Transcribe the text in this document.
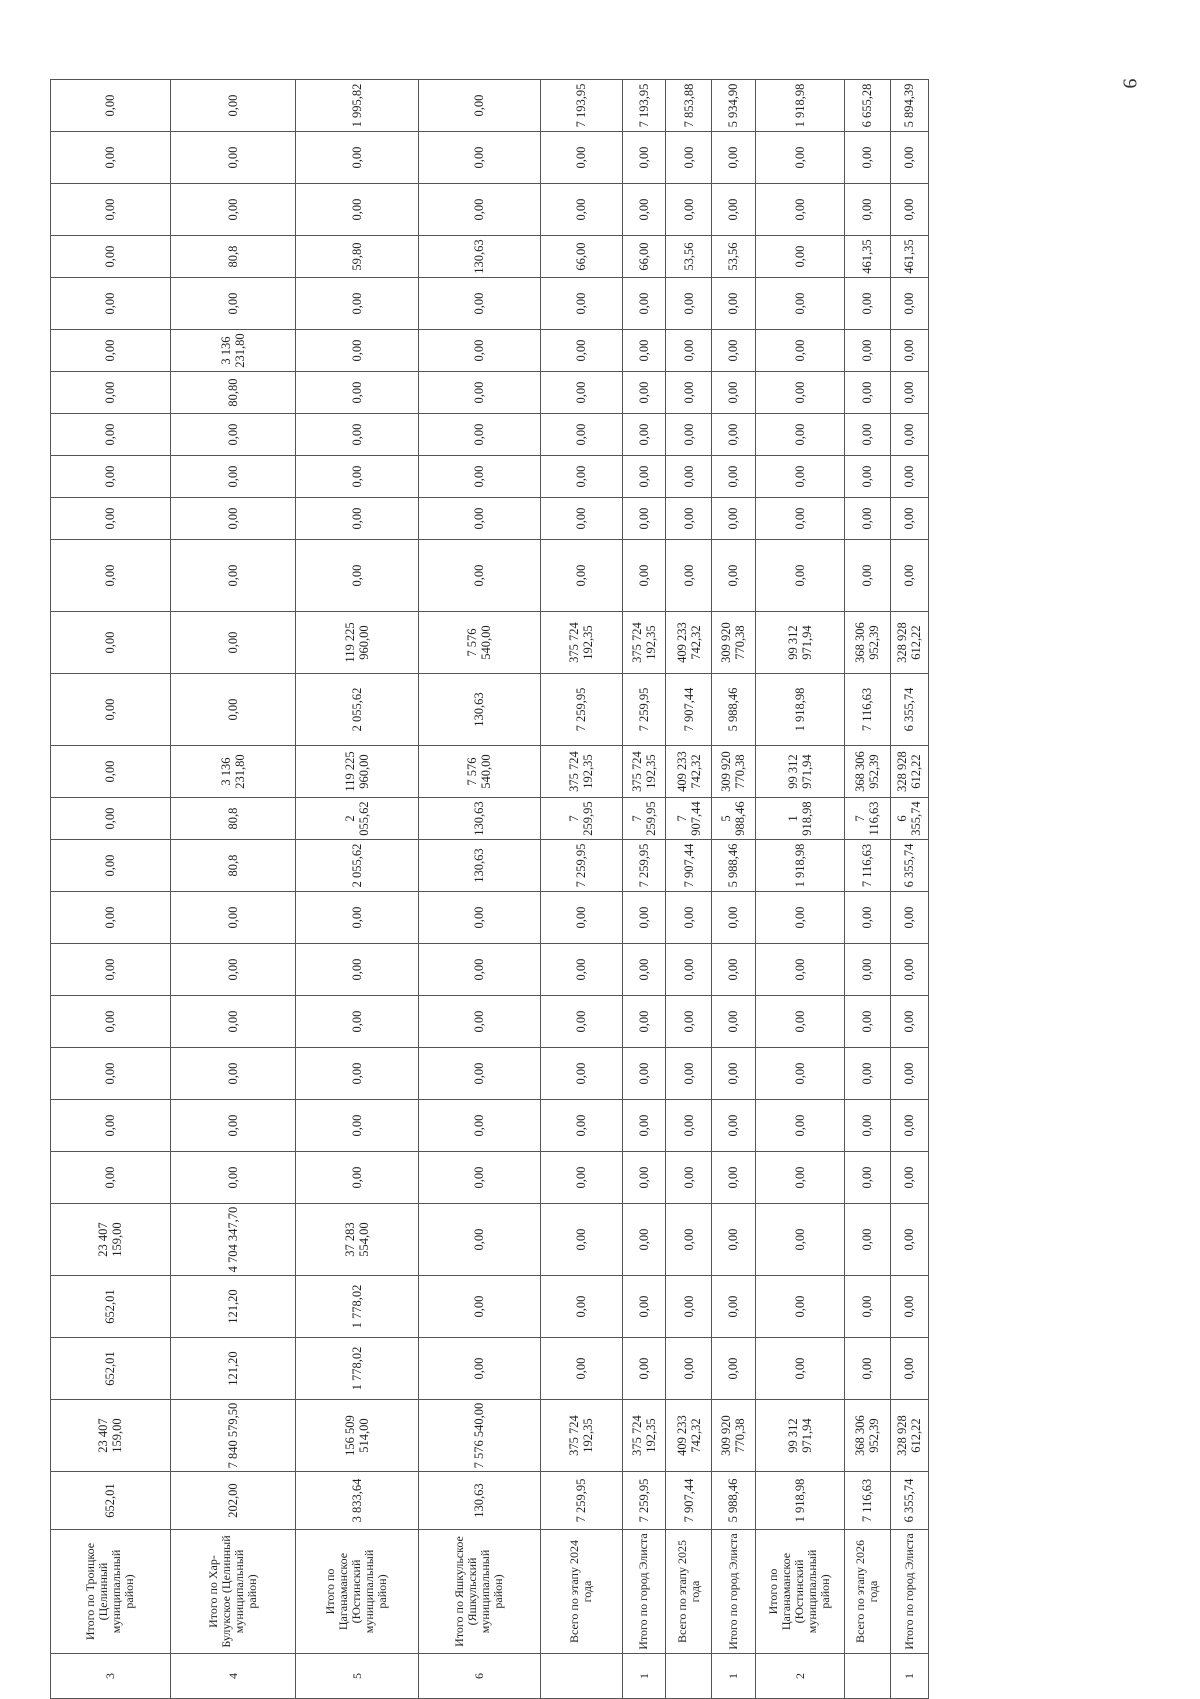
3	Итого по Троицкое (Целинный муниципальный район)	652,01	23 407 159,00	652,01	652,01	23 407 159,00	0,00	0,00	0,00	0,00	0,00	0,00	0,00	0,00	0,00	0,00	0,00	0,00	0,00	0,00	0,00	0,00	0,00	0,00	0,00	0,00	0,00	0,00
4	Итого по Хар-Булукское (Целинный муниципальный район)	202,00	7 840 579,50	121,20	121,20	4 704 347,70	0,00	0,00	0,00	0,00	0,00	0,00	80,8	80,8	3 136 231,80	0,00	0,00	0,00	0,00	0,00	0,00	80,80	3 136 231,80	0,00	80,8	0,00	0,00	0,00
5	Итого по Цаганаманское (Юстинский муниципальный район)	3 833,64	156 509 514,00	1 778,02	1 778,02	37 283 554,00	0,00	0,00	0,00	0,00	0,00	0,00	2 055,62	2 055,62	119 225 960,00	2 055,62	119 225 960,00	0,00	0,00	0,00	0,00	0,00	0,00	0,00	59,80	0,00	0,00	1 995,82
6	Итого по Яшкульское (Яшкульский муниципальный район)	130,63	7 576 540,00	0,00	0,00	0,00	0,00	0,00	0,00	0,00	0,00	0,00	130,63	130,63	7 576 540,00	130,63	7 576 540,00	0,00	0,00	0,00	0,00	0,00	0,00	0,00	130,63	0,00	0,00	0,00
	Всего по этапу 2024 года	7 259,95	375 724 192,35	0,00	0,00	0,00	0,00	0,00	0,00	0,00	0,00	0,00	7 259,95	7 259,95	375 724 192,35	7 259,95	375 724 192,35	0,00	0,00	0,00	0,00	0,00	0,00	0,00	66,00	0,00	0,00	7 193,95
1	Итого по город Элиста	7 259,95	375 724 192,35	0,00	0,00	0,00	0,00	0,00	0,00	0,00	0,00	0,00	7 259,95	7 259,95	375 724 192,35	7 259,95	375 724 192,35	0,00	0,00	0,00	0,00	0,00	0,00	0,00	66,00	0,00	0,00	7 193,95
	Всего по этапу 2025 года	7 907,44	409 233 742,32	0,00	0,00	0,00	0,00	0,00	0,00	0,00	0,00	0,00	7 907,44	7 907,44	409 233 742,32	7 907,44	409 233 742,32	0,00	0,00	0,00	0,00	0,00	0,00	0,00	53,56	0,00	0,00	7 853,88
1	Итого по город Элиста	5 988,46	309 920 770,38	0,00	0,00	0,00	0,00	0,00	0,00	0,00	0,00	0,00	5 988,46	5 988,46	309 920 770,38	5 988,46	309 920 770,38	0,00	0,00	0,00	0,00	0,00	0,00	0,00	53,56	0,00	0,00	5 934,90
2	Итого по Цаганаманское (Юстинский муниципальный район)	1 918,98	99 312 971,94	0,00	0,00	0,00	0,00	0,00	0,00	0,00	0,00	0,00	1 918,98	1 918,98	99 312 971,94	1 918,98	99 312 971,94	0,00	0,00	0,00	0,00	0,00	0,00	0,00	0,00	0,00	0,00	1 918,98
	Всего по этапу 2026 года	7 116,63	368 306 952,39	0,00	0,00	0,00	0,00	0,00	0,00	0,00	0,00	0,00	7 116,63	7 116,63	368 306 952,39	7 116,63	368 306 952,39	0,00	0,00	0,00	0,00	0,00	0,00	0,00	461,35	0,00	0,00	6 655,28
1	Итого по город Элиста	6 355,74	328 928 612,22	0,00	0,00	0,00	0,00	0,00	0,00	0,00	0,00	0,00	6 355,74	6 355,74	328 928 612,22	6 355,74	328 928 612,22	0,00	0,00	0,00	0,00	0,00	0,00	0,00	461,35	0,00	0,00	5 894,39
9
